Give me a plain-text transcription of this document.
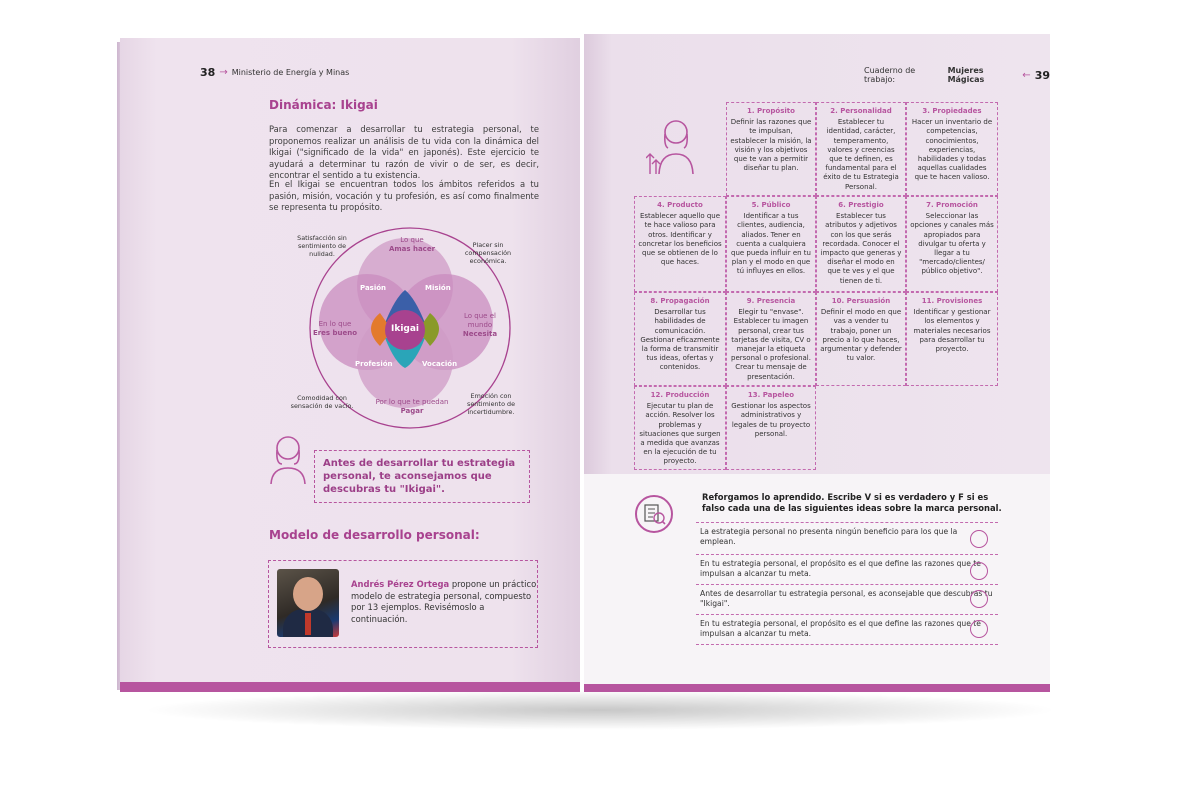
38 → Ministerio de Energía y Minas
Dinámica: Ikigai
Para comenzar a desarrollar tu estrategia personal, te proponemos realizar un análisis de tu vida con la dinámica del Ikigai ("significado de la vida" en japonés). Este ejercicio te ayudará a determinar tu razón de vivir o de ser, es decir, encontrar el sentido a tu existencia.
En el Ikigai se encuentran todos los ámbitos referidos a tu pasión, misión, vocación y tu profesión, es así como finalmente se representa tu propósito.
Ikigai
Pasión	Misión
Profesión	Vocación
Lo que
Amas hacer
En lo que
Eres bueno
Lo que el
mundo
Necesita
Por lo que te puedan
Pagar
Satisfacción sin sentimiento de nulidad.
Placer sin compensación económica.
Comodidad con sensación de vacío.
Emoción con sentimiento de incertidumbre.
Antes de desarrollar tu estrategia personal, te aconsejamos que descubras tu "Ikigai".
Modelo de desarrollo personal:
Andrés Pérez Ortega propone un práctico modelo de estrategia personal, compuesto por 13 ejemplos. Revisémoslo a continuación.
Cuaderno de trabajo:
Mujeres Mágicas	← 39
1. Propósito
Definir las razones que te impulsan, establecer la misión, la visión y los objetivos que te van a permitir diseñar tu plan.
2. Personalidad
Establecer tu identidad, carácter, temperamento, valores y creencias que te definen, es fundamental para el éxito de tu Estrategia Personal.
3. Propiedades
Hacer un inventario de competencias, conocimientos, experiencias, habilidades y todas aquellas cualidades que te hacen valioso.
4. Producto
Establecer aquello que te hace valioso para otros. Identificar y concretar los beneficios que se obtienen de lo que haces.
5. Público
Identificar a tus clientes, audiencia, aliados. Tener en cuenta a cualquiera que pueda influir en tu plan y el modo en que tú influyes en ellos.
6. Prestigio
Establecer tus atributos y adjetivos con los que serás recordada. Conocer el impacto que generas y diseñar el modo en que te ves y el que tienen de ti.
7. Promoción
Seleccionar las opciones y canales más apropiados para divulgar tu oferta y llegar a tu "mercado/clientes/ público objetivo".
8. Propagación
Desarrollar tus habilidades de comunicación. Gestionar eficazmente la forma de transmitir tus ideas, ofertas y contenidos.
9. Presencia
Elegir tu "envase". Establecer tu imagen personal, crear tus tarjetas de visita, CV o manejar la etiqueta personal o profesional. Crear tu mensaje de presentación.
10. Persuasión
Definir el modo en que vas a vender tu trabajo, poner un precio a lo que haces, argumentar y defender tu valor.
11. Provisiones
Identificar y gestionar los elementos y materiales necesarios para desarrollar tu proyecto.
12. Producción
Ejecutar tu plan de acción. Resolver los problemas y situaciones que surgen a medida que avanzas en la ejecución de tu proyecto.
13. Papeleo
Gestionar los aspectos administrativos y legales de tu proyecto personal.
Reforgamos lo aprendido. Escribe V si es verdadero y F si es falso cada una de las siguientes ideas sobre la marca personal.
La estrategia personal no presenta ningún beneficio para los que la emplean.
En tu estrategia personal, el propósito es el que define las razones que te impulsan a alcanzar tu meta.
Antes de desarrollar tu estrategia personal, es aconsejable que descubras tu "Ikigai".
En tu estrategia personal, el propósito es el que define las razones que te impulsan a alcanzar tu meta.
